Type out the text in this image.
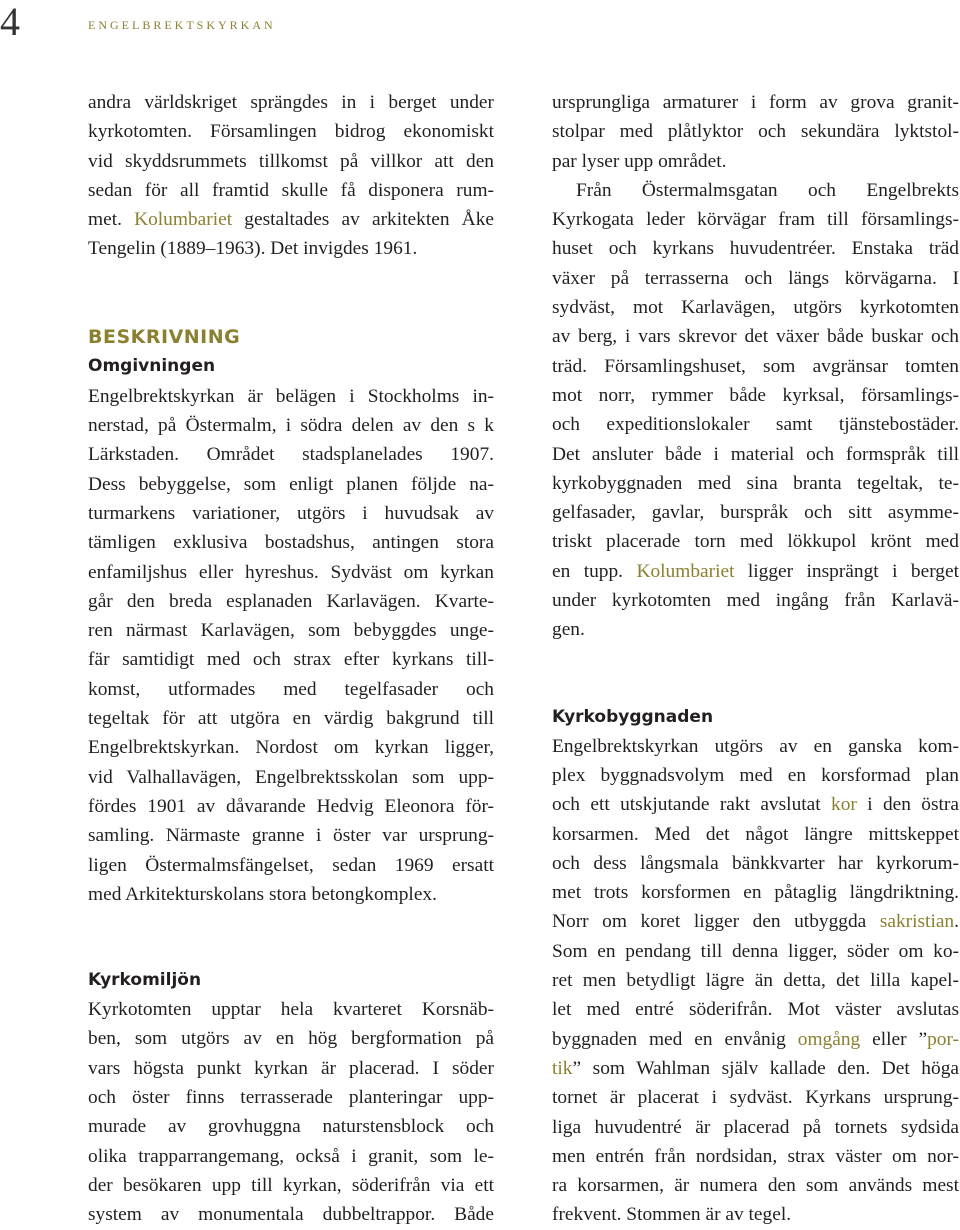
4	engelbrektskyrkan

andra världskriget sprängdes in i berget under
kyrkotomten. Församlingen bidrog ekonomiskt
vid skyddsrummets tillkomst på villkor att den
sedan för all framtid skulle få disponera rum-
met. Kolumbariet gestaltades av arkitekten Åke
Tengelin (1889–1963). Det invigdes 1961.

BESKRIVNING
Omgivningen

Engelbrektskyrkan är belägen i Stockholms in-
nerstad, på Östermalm, i södra delen av den s k
Lärkstaden. Området stadsplanelades 1907.
Dess bebyggelse, som enligt planen följde na-
turmarkens variationer, utgörs i huvudsak av
tämligen exklusiva bostadshus, antingen stora
enfamiljshus eller hyreshus. Sydväst om kyrkan
går den breda esplanaden Karlavägen. Kvarte-
ren närmast Karlavägen, som bebyggdes unge-
fär samtidigt med och strax efter kyrkans till-
komst, utformades med tegelfasader och
tegeltak för att utgöra en värdig bakgrund till
Engelbrektskyrkan. Nordost om kyrkan ligger,
vid Valhallavägen, Engelbrektsskolan som upp-
fördes 1901 av dåvarande Hedvig Eleonora för-
samling. Närmaste granne i öster var ursprung-
ligen Östermalmsfängelset, sedan 1969 ersatt
med Arkitekturskolans stora betongkomplex.

Kyrkomiljön

Kyrkotomten upptar hela kvarteret Korsnäb-
ben, som utgörs av en hög bergformation på
vars högsta punkt kyrkan är placerad. I söder
och öster finns terrasserade planteringar upp-
murade av grovhuggna naturstensblock och
olika trapparrangemang, också i granit, som le-
der besökaren upp till kyrkan, söderifrån via ett
system av monumentala dubbeltrappor. Både

ursprungliga armaturer i form av grova granit-
stolpar med plåtlyktor och sekundära lyktstol-
par lyser upp området.
Från Östermalmsgatan och Engelbrekts
Kyrkogata leder körvägar fram till församlings-
huset och kyrkans huvudentréer. Enstaka träd
växer på terrasserna och längs körvägarna. I
sydväst, mot Karlavägen, utgörs kyrkotomten
av berg, i vars skrevor det växer både buskar och
träd. Församlingshuset, som avgränsar tomten
mot norr, rymmer både kyrksal, församlings-
och expeditionslokaler samt tjänstebostäder.
Det ansluter både i material och formspråk till
kyrkobyggnaden med sina branta tegeltak, te-
gelfasader, gavlar, burspråk och sitt asymme-
triskt placerade torn med lökkupol krönt med
en tupp. Kolumbariet ligger insprängt i berget
under kyrkotomten med ingång från Karlavä-
gen.

Kyrkobyggnaden

Engelbrektskyrkan utgörs av en ganska kom-
plex byggnadsvolym med en korsformad plan
och ett utskjutande rakt avslutat kor i den östra
korsarmen. Med det något längre mittskeppet
och dess långsmala bänkkvarter har kyrkorum-
met trots korsformen en påtaglig längdriktning.
Norr om koret ligger den utbyggda sakristian.
Som en pendang till denna ligger, söder om ko-
ret men betydligt lägre än detta, det lilla kapel-
let med entré söderifrån. Mot väster avslutas
byggnaden med en envånig omgång eller ”por-
tik” som Wahlman själv kallade den. Det höga
tornet är placerat i sydväst. Kyrkans ursprung-
liga huvudentré är placerad på tornets sydsida
men entrén från nordsidan, strax väster om nor-
ra korsarmen, är numera den som används mest
frekvent. Stommen är av tegel.
